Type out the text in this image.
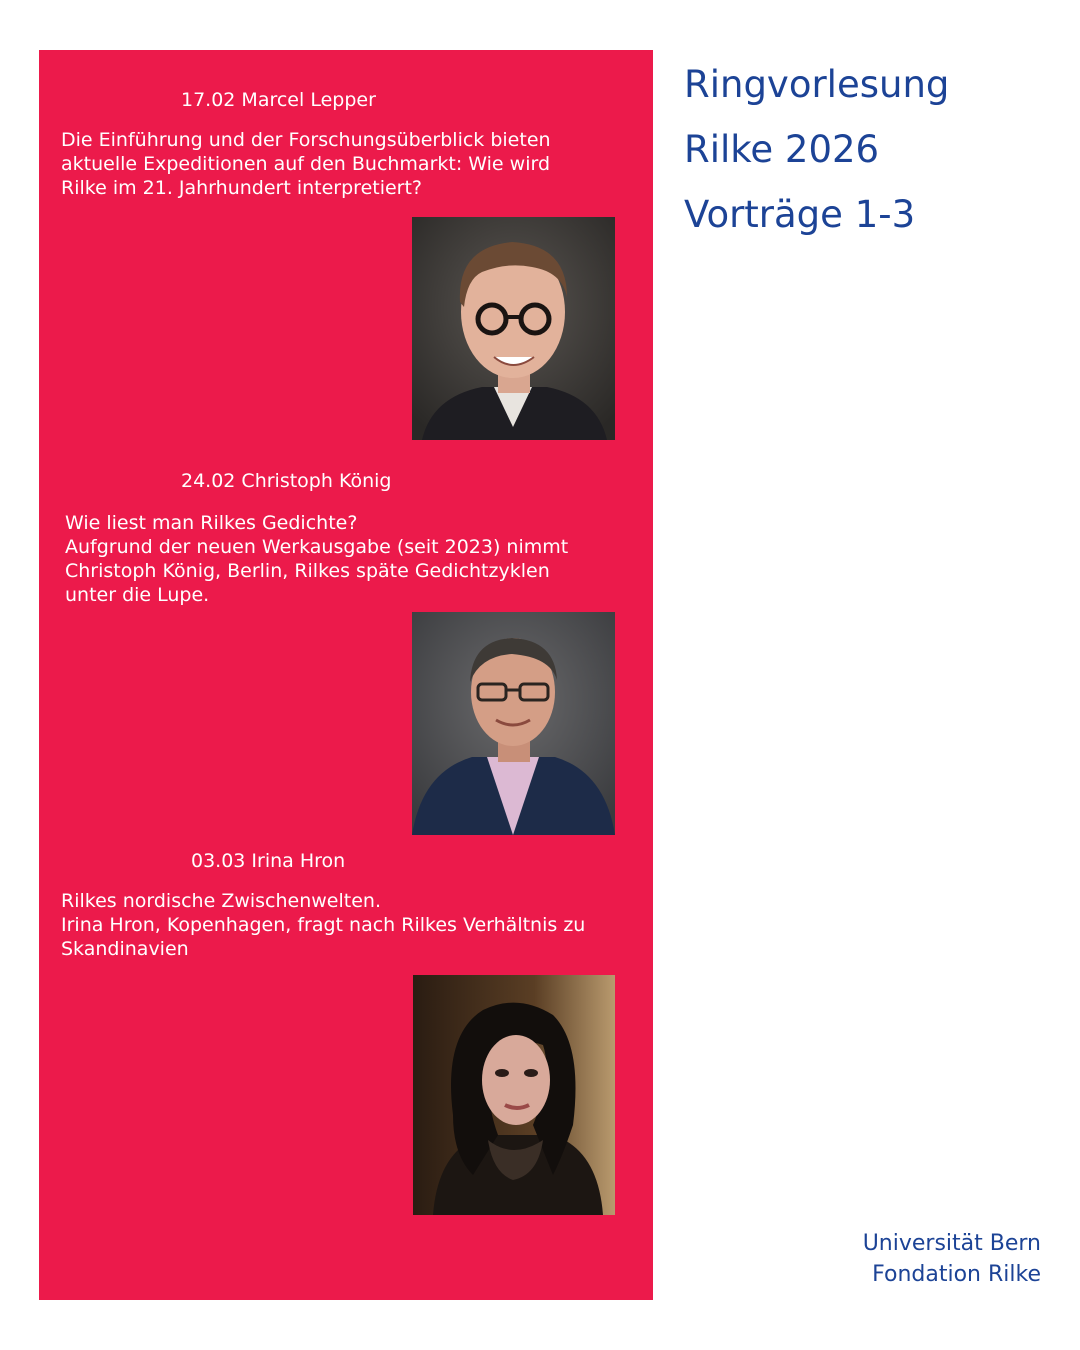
17.02 Marcel Lepper
Die Einführung und der Forschungsüberblick bieten
aktuelle Expeditionen auf den Buchmarkt: Wie wird
Rilke im 21. Jahrhundert interpretiert?
24.02 Christoph König
Wie liest man Rilkes Gedichte?
Aufgrund der neuen Werkausgabe (seit 2023) nimmt
Christoph König, Berlin, Rilkes späte Gedichtzyklen
unter die Lupe.
03.03 Irina Hron
Rilkes nordische Zwischenwelten.
Irina Hron, Kopenhagen, fragt nach Rilkes Verhältnis zu
Skandinavien
Ringvorlesung
Rilke 2026
Vorträge 1-3
Universität Bern
Fondation Rilke
